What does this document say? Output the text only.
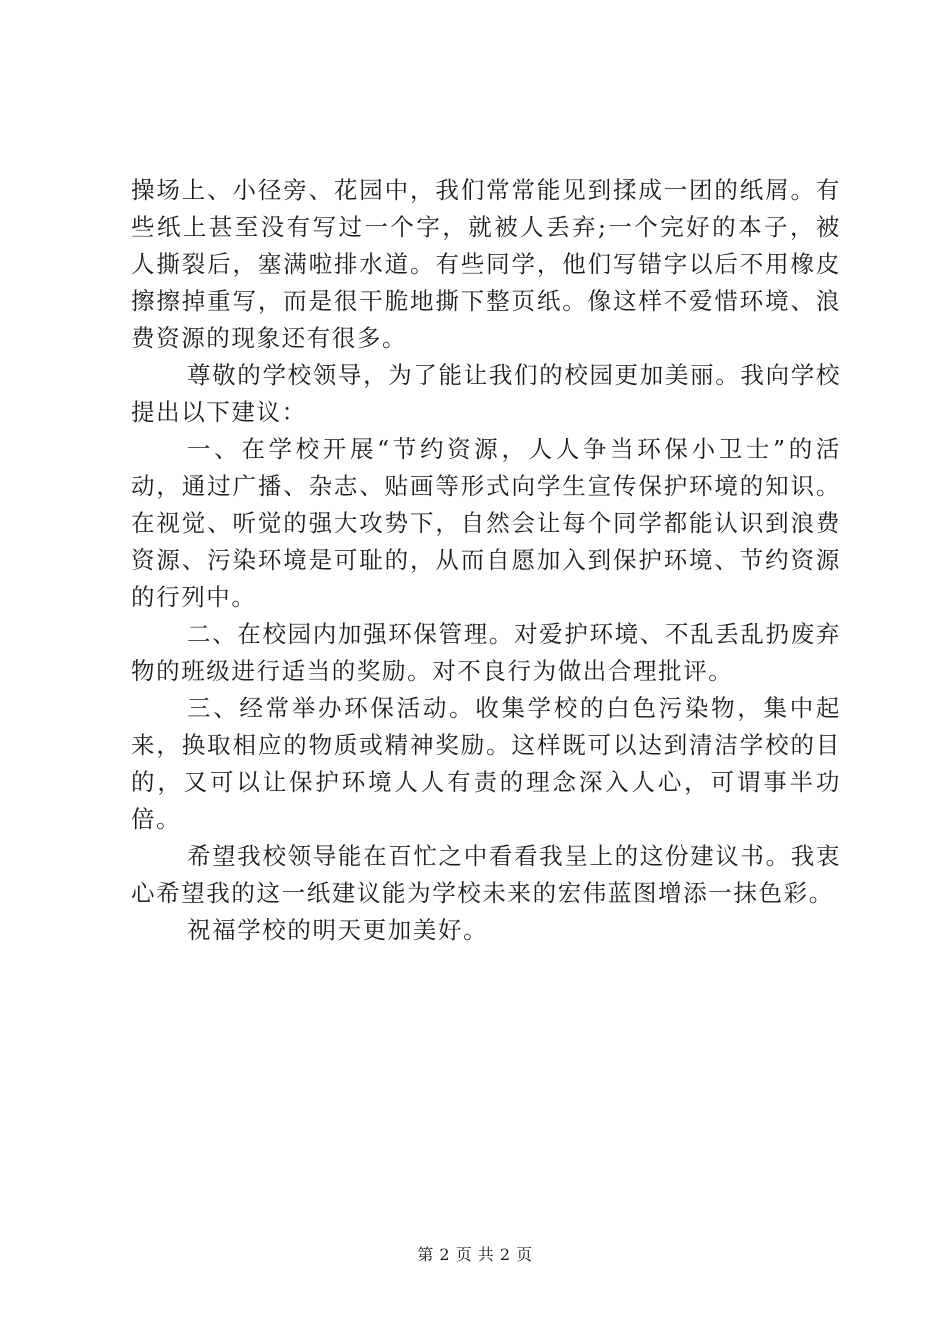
操场上、小径旁、花园中，我们常常能见到揉成一团的纸屑。有些纸上甚至没有写过一个字，就被人丢弃;一个完好的本子，被人撕裂后，塞满啦排水道。有些同学，他们写错字以后不用橡皮擦擦掉重写，而是很干脆地撕下整页纸。像这样不爱惜环境、浪费资源的现象还有很多。

尊敬的学校领导，为了能让我们的校园更加美丽。我向学校提出以下建议：

一、在学校开展“节约资源，人人争当环保小卫士”的活动，通过广播、杂志、贴画等形式向学生宣传保护环境的知识。在视觉、听觉的强大攻势下，自然会让每个同学都能认识到浪费资源、污染环境是可耻的，从而自愿加入到保护环境、节约资源的行列中。

二、在校园内加强环保管理。对爱护环境、不乱丢乱扔废弃物的班级进行适当的奖励。对不良行为做出合理批评。

三、经常举办环保活动。收集学校的白色污染物，集中起来，换取相应的物质或精神奖励。这样既可以达到清洁学校的目的，又可以让保护环境人人有责的理念深入人心，可谓事半功倍。

希望我校领导能在百忙之中看看我呈上的这份建议书。我衷心希望我的这一纸建议能为学校未来的宏伟蓝图增添一抹色彩。

祝福学校的明天更加美好。

第 2 页 共 2 页
